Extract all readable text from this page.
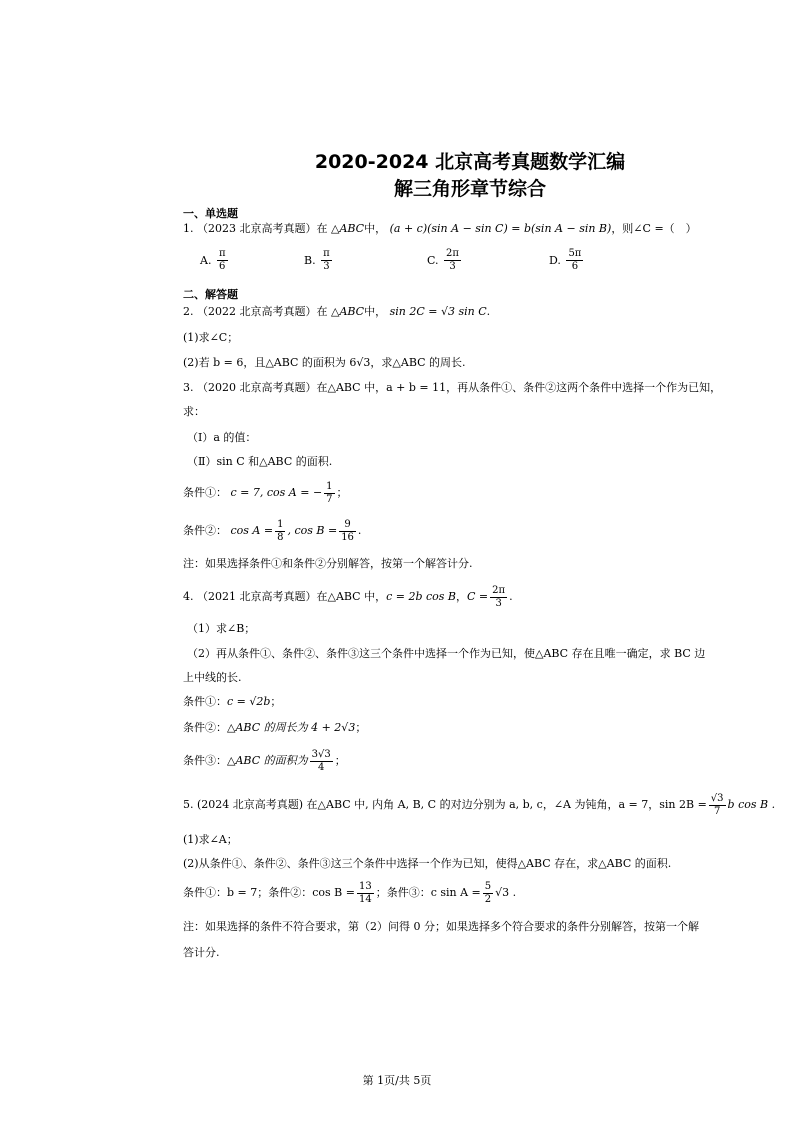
2020-2024 北京高考真题数学汇编
解三角形章节综合
一、单选题
1. （2023 北京高考真题）在 △ABC中， (a + c)(sin A − sin C) = b(sin A − sin B)，则∠C =（　）
A. $\frac{\pi}{6}$	B. $\frac{\pi}{3}$	C. $\frac{2\pi}{3}$	D. $\frac{5\pi}{6}$
二、解答题
2. （2022 北京高考真题）在 △ABC中， sin 2C = √3 sin C.
(1)求∠C；
(2)若 b = 6，且△ABC 的面积为 6√3，求△ABC 的周长.
3. （2020 北京高考真题）在△ABC 中，a + b = 11，再从条件①、条件②这两个条件中选择一个作为已知，
求：
（Ⅰ）a 的值：
（Ⅱ）sin C 和△ABC 的面积.
条件①： c = 7, cos A = − $\frac{1}{7}$ ；
条件②： $\cos A = \frac{1}{8}$ , $\cos B = \frac{9}{16}$ .
注：如果选择条件①和条件②分别解答，按第一个解答计分.
4. （2021 北京高考真题）在△ABC 中，c = 2b cos B，$C = \frac{2\pi}{3}$ .
（1）求∠B；
（2）再从条件①、条件②、条件③这三个条件中选择一个作为已知，使△ABC 存在且唯一确定，求 BC 边
上中线的长.
条件①：c = √2b；
条件②：△ABC 的周长为 4 + 2√3；
条件③：△ABC 的面积为 $\frac{3√3}{4}$ ；
5. (2024 北京高考真题) 在△ABC 中, 内角 A, B, C 的对边分别为 a, b, c，∠A 为钝角，a = 7，$\sin 2B = \frac{√3}{7}$ b cos B .
(1)求∠A；
(2)从条件①、条件②、条件③这三个条件中选择一个作为已知，使得△ABC 存在，求△ABC 的面积.
条件①：b = 7；条件②：$\cos B = \frac{13}{14}$ ；条件③：c $\sin A = \frac{5}{2} √3$ .
注：如果选择的条件不符合要求，第（2）问得 0 分；如果选择多个符合要求的条件分别解答，按第一个解
答计分.
第 1页/共 5页
